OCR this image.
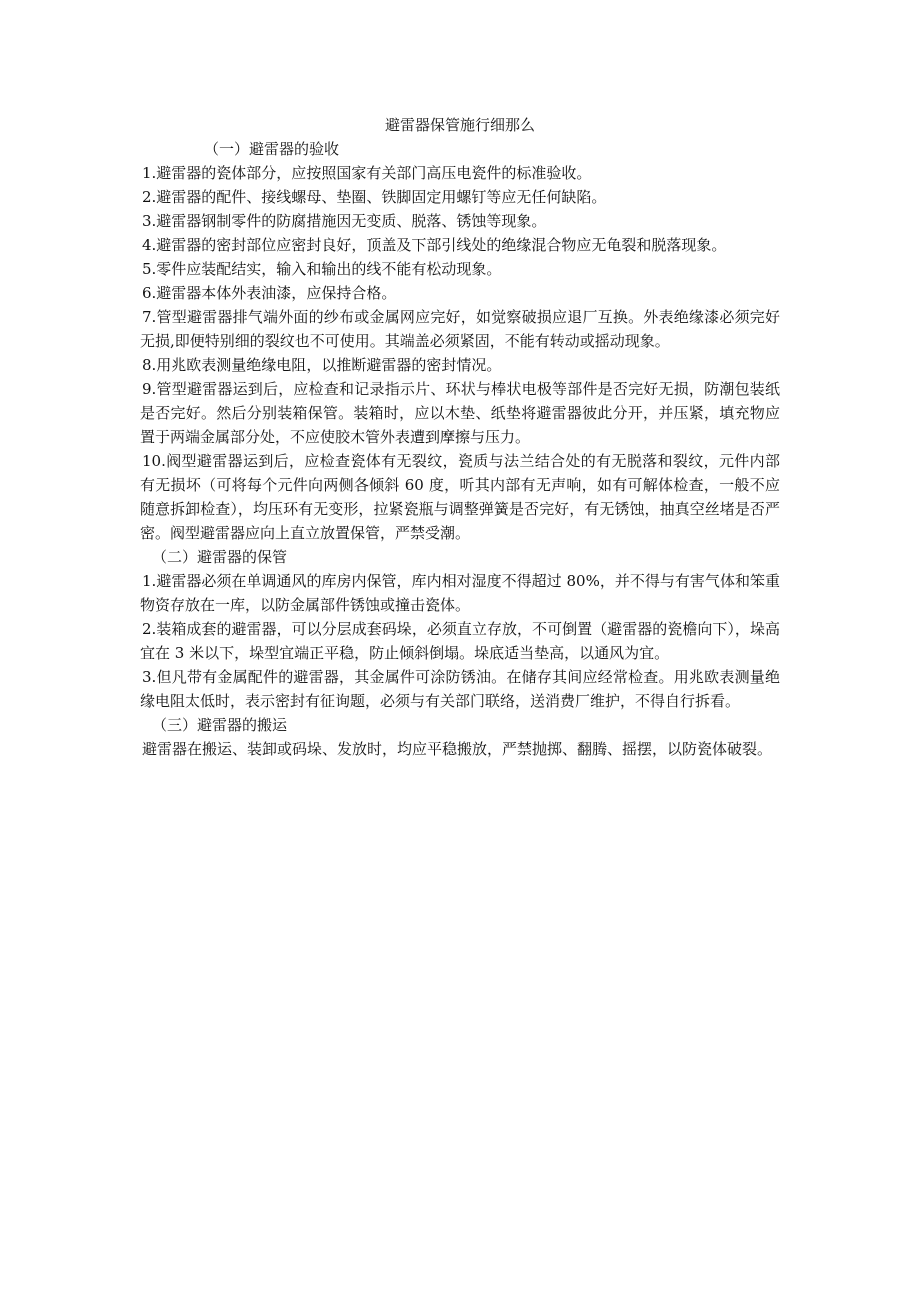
避雷器保管施行细那么

（一）避雷器的验收

1.避雷器的瓷体部分，应按照国家有关部门高压电瓷件的标准验收。

2.避雷器的配件、接线螺母、垫圈、铁脚固定用螺钉等应无任何缺陷。

3.避雷器钢制零件的防腐措施因无变质、脱落、锈蚀等现象。

4.避雷器的密封部位应密封良好，顶盖及下部引线处的绝缘混合物应无龟裂和脱落现象。

5.零件应装配结实，输入和输出的线不能有松动现象。

6.避雷器本体外表油漆，应保持合格。

7.管型避雷器排气端外面的纱布或金属网应完好，如觉察破损应退厂互换。外表绝缘漆必须完好无损,即便特别细的裂纹也不可使用。其端盖必须紧固，不能有转动或摇动现象。

8.用兆欧表测量绝缘电阻，以推断避雷器的密封情况。

9.管型避雷器运到后，应检查和记录指示片、环状与棒状电极等部件是否完好无损，防潮包装纸是否完好。然后分别装箱保管。装箱时，应以木垫、纸垫将避雷器彼此分开，并压紧，填充物应置于两端金属部分处，不应使胶木管外表遭到摩擦与压力。

10.阀型避雷器运到后，应检查瓷体有无裂纹，瓷质与法兰结合处的有无脱落和裂纹，元件内部有无损坏（可将每个元件向两侧各倾斜 60 度，听其内部有无声响，如有可解体检查，一般不应随意拆卸检查），均压环有无变形，拉紧瓷瓶与调整弹簧是否完好，有无锈蚀，抽真空丝堵是否严密。阀型避雷器应向上直立放置保管，严禁受潮。

（二）避雷器的保管

1.避雷器必须在单调通风的库房内保管，库内相对湿度不得超过 80%，并不得与有害气体和笨重物资存放在一库，以防金属部件锈蚀或撞击瓷体。

2.装箱成套的避雷器，可以分层成套码垛，必须直立存放，不可倒置（避雷器的瓷檐向下），垛高宜在 3 米以下，垛型宜端正平稳，防止倾斜倒塌。垛底适当垫高，以通风为宜。

3.但凡带有金属配件的避雷器，其金属件可涂防锈油。在储存其间应经常检查。用兆欧表测量绝缘电阻太低时，表示密封有征询题，必须与有关部门联络，送消费厂维护，不得自行拆看。

（三）避雷器的搬运

避雷器在搬运、装卸或码垛、发放时，均应平稳搬放，严禁抛掷、翻腾、摇摆，以防瓷体破裂。
